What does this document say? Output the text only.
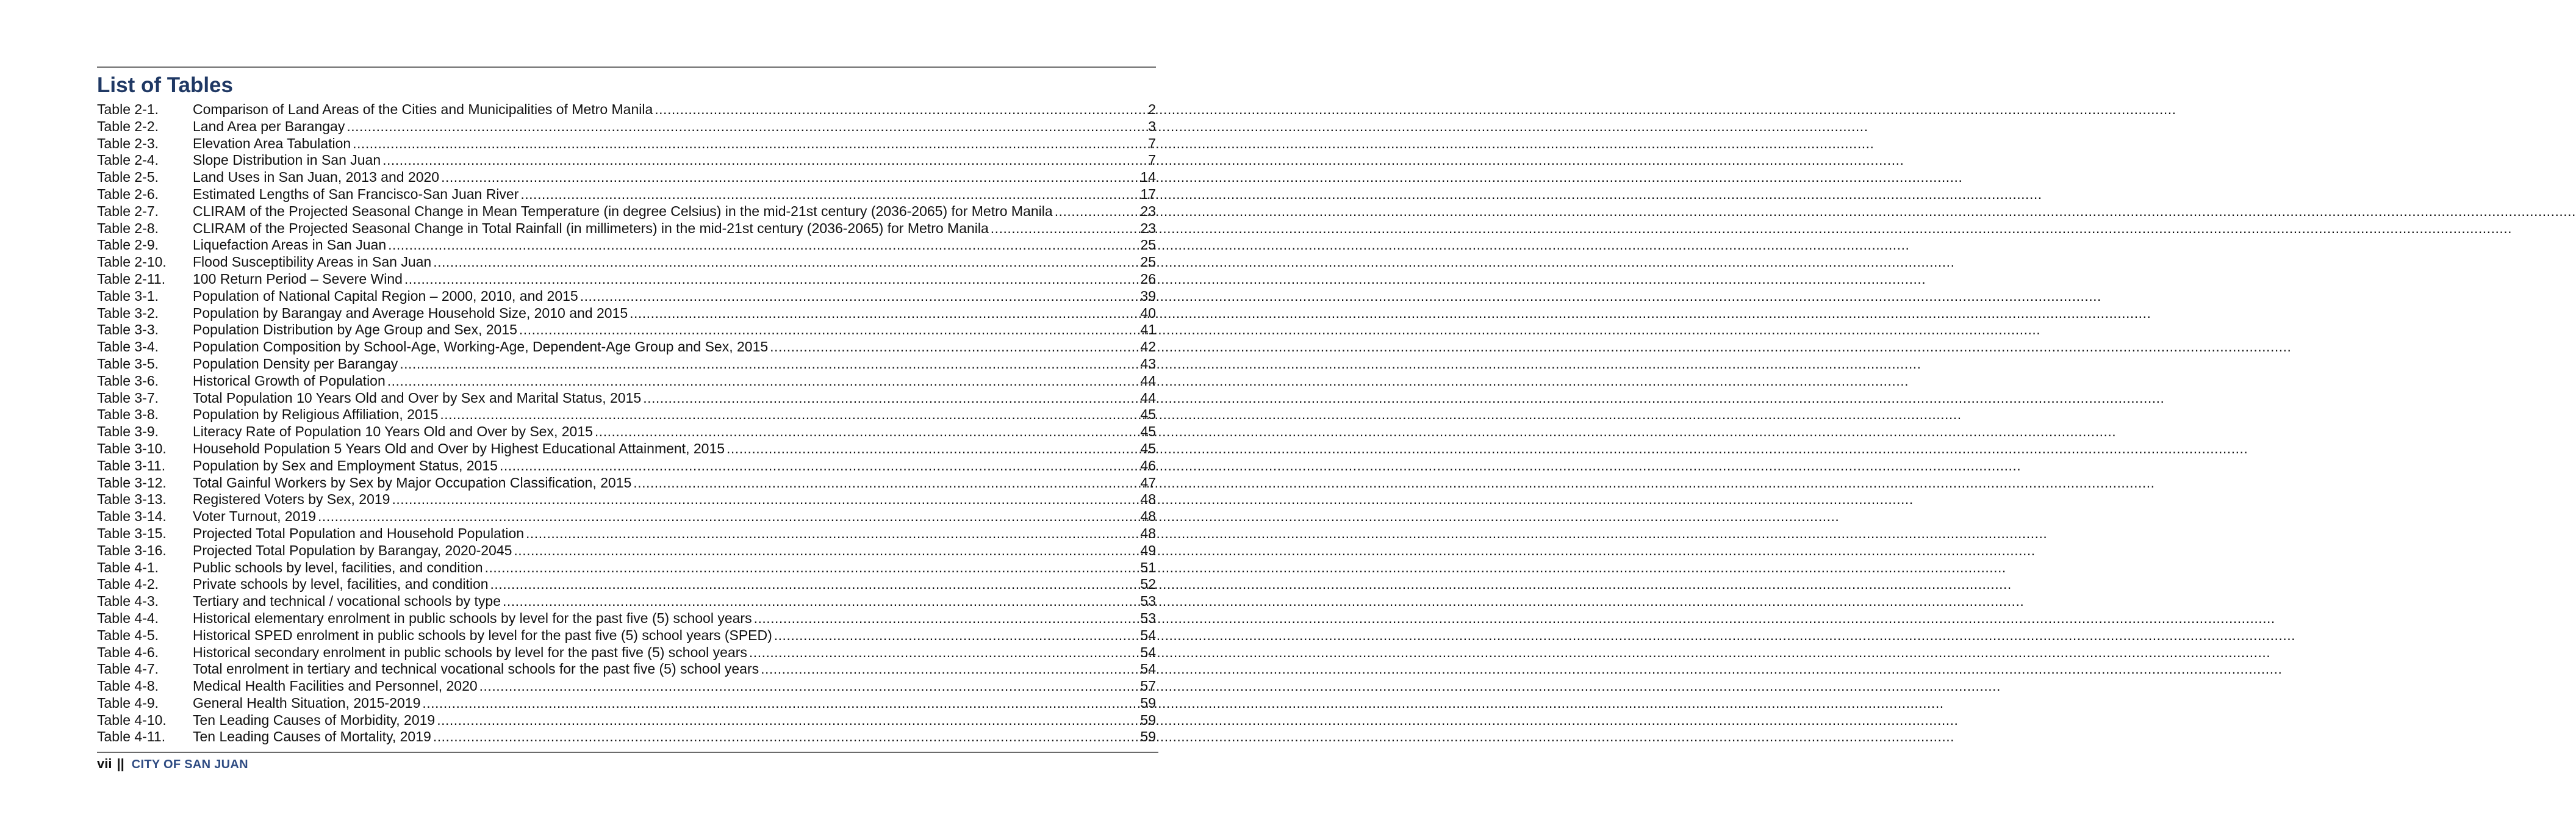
List of Tables
Table 2-1.	Comparison of Land Areas of the Cities and Municipalities of Metro Manila .....	2
Table 2-2.	Land Area per Barangay .....	3
Table 2-3.	Elevation Area Tabulation .....	7
Table 2-4.	Slope Distribution in San Juan .....	7
Table 2-5.	Land Uses in San Juan, 2013 and 2020 .....	14
Table 2-6.	Estimated Lengths of San Francisco-San Juan River .....	17
Table 2-7.	CLIRAM of the Projected Seasonal Change in Mean Temperature (in degree Celsius) in the mid-21st century (2036-2065) for Metro Manila .....	23
Table 2-8.	CLIRAM of the Projected Seasonal Change in Total Rainfall (in millimeters) in the mid-21st century (2036-2065) for Metro Manila .....	23
Table 2-9.	Liquefaction Areas in San Juan .....	25
Table 2-10.	Flood Susceptibility Areas in San Juan .....	25
Table 2-11.	100 Return Period – Severe Wind .....	26
Table 3-1.	Population of National Capital Region – 2000, 2010, and 2015 .....	39
Table 3-2.	Population by Barangay and Average Household Size, 2010 and 2015 .....	40
Table 3-3.	Population Distribution by Age Group and Sex, 2015 .....	41
Table 3-4.	Population Composition by School-Age, Working-Age, Dependent-Age Group and Sex, 2015 .....	42
Table 3-5.	Population Density per Barangay .....	43
Table 3-6.	Historical Growth of Population .....	44
Table 3-7.	Total Population 10 Years Old and Over by Sex and Marital Status, 2015 .....	44
Table 3-8.	Population by Religious Affiliation, 2015 .....	45
Table 3-9.	Literacy Rate of Population 10 Years Old and Over by Sex, 2015 .....	45
Table 3-10.	Household Population 5 Years Old and Over by Highest Educational Attainment, 2015 .....	45
Table 3-11.	Population by Sex and Employment Status, 2015 .....	46
Table 3-12.	Total Gainful Workers by Sex by Major Occupation Classification, 2015 .....	47
Table 3-13.	Registered Voters by Sex, 2019 .....	48
Table 3-14.	Voter Turnout, 2019 .....	48
Table 3-15.	Projected Total Population and Household Population .....	48
Table 3-16.	Projected Total Population by Barangay, 2020-2045 .....	49
Table 4-1.	Public schools by level, facilities, and condition .....	51
Table 4-2.	Private schools by level, facilities, and condition .....	52
Table 4-3.	Tertiary and technical / vocational schools by type .....	53
Table 4-4.	Historical elementary enrolment in public schools by level for the past five (5) school years .....	53
Table 4-5.	Historical SPED enrolment in public schools by level for the past five (5) school years (SPED) .....	54
Table 4-6.	Historical secondary enrolment in public schools by level for the past five (5) school years .....	54
Table 4-7.	Total enrolment in tertiary and technical vocational schools for the past five (5) school years .....	54
Table 4-8.	Medical Health Facilities and Personnel, 2020 .....	57
Table 4-9.	General Health Situation, 2015-2019 .....	59
Table 4-10.	Ten Leading Causes of Morbidity, 2019 .....	59
Table 4-11.	Ten Leading Causes of Mortality, 2019 .....	59
vii || CITY OF SAN JUAN
